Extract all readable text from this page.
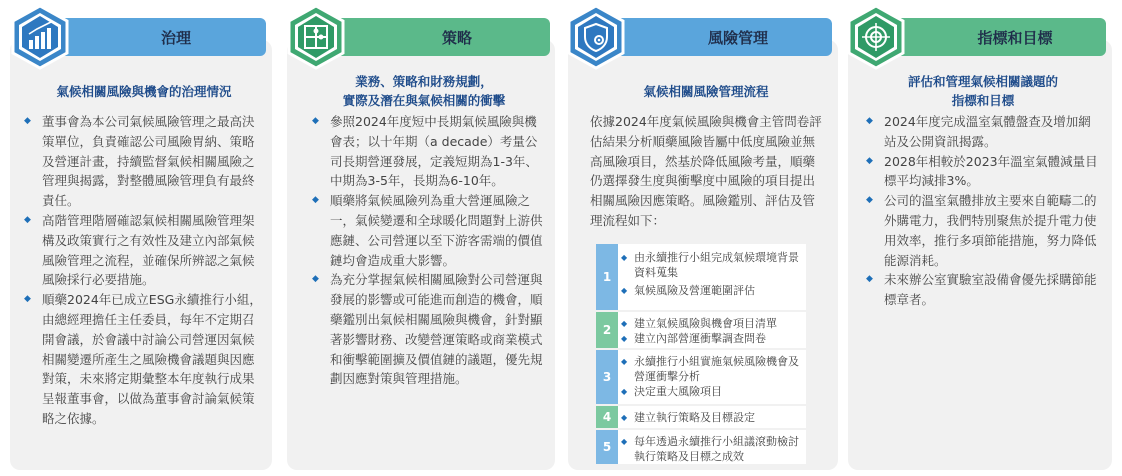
治理
氣候相關風險與機會的治理情況
◆ 董事會為本公司氣候風險管理之最高決策單位，負責確認公司風險胃納、策略及營運計畫，持續監督氣候相關風險之管理與揭露，對整體風險管理負有最終責任。
◆ 高階管理階層確認氣候相關風險管理架構及政策實行之有效性及建立內部氣候風險管理之流程，並確保所辨認之氣候風險採行必要措施。
◆ 順藥2024年已成立ESG永續推行小組，由總經理擔任主任委員，每年不定期召開會議，於會議中討論公司營運因氣候相關變遷所產生之風險機會議題與因應對策，未來將定期彙整本年度執行成果呈報董事會，以做為董事會討論氣候策略之依據。
策略
業務、策略和財務規劃，
實際及潛在與氣候相關的衝擊
◆ 參照2024年度短中長期氣候風險與機會表；以十年期（a decade）考量公司長期營運發展，定義短期為1-3年、中期為3-5年，長期為6-10年。
◆ 順藥將氣候風險列為重大營運風險之一，氣候變遷和全球暖化問題對上游供應鏈、公司營運以至下游客需端的價值鏈均會造成重大影響。
◆ 為充分掌握氣候相關風險對公司營運與發展的影響或可能進而創造的機會，順藥鑑別出氣候相關風險與機會，針對顯著影響財務、改變營運策略或商業模式和衝擊範圍擴及價值鏈的議題，優先規劃因應對策與管理措施。
風險管理
氣候相關風險管理流程

依據2024年度氣候風險與機會主管問卷評估結果分析順藥風險皆屬中低度風險並無高風險項目，然基於降低風險考量，順藥仍選擇發生度與衝擊度中風險的項目提出相關風險因應策略。風險鑑別、評估及管理流程如下：

1
◆ 由永續推行小組完成氣候環境背景資料蒐集
◆ 氣候風險及營運範圍評估
2	◆ 建立氣候風險與機會項目清單
◆ 建立內部營運衝擊調查問卷
3
◆ 永續推行小組實施氣候風險機會及營運衝擊分析
◆ 決定重大風險項目
4	◆ 建立執行策略及目標設定
5	◆ 每年透過永續推行小組議滾動檢討執行策略及目標之成效
指標和目標
評估和管理氣候相關議題的
指標和目標
◆ 2024年度完成溫室氣體盤查及增加網站及公開資訊揭露。
◆ 2028年相較於2023年溫室氣體減量目標平均減排3%。
◆ 公司的溫室氣體排放主要來自範疇二的外購電力，我們特別聚焦於提升電力使用效率，推行多項節能措施，努力降低能源消耗。
◆ 未來辦公室實驗室設備會優先採購節能標章者。
